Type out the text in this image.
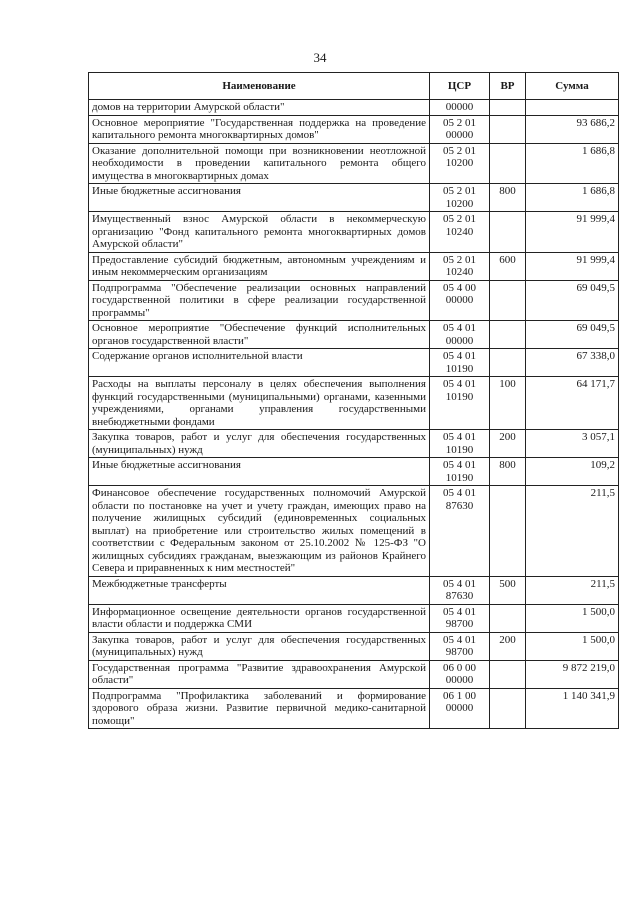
34
Наименование	ЦСР	ВР	Сумма
домов на территории Амурской области"	00000		
Основное мероприятие "Государственная поддержка на проведение капитального ремонта многоквартирных домов"	05 2 01 00000		93 686,2
Оказание дополнительной помощи при возникновении неотложной необходимости в проведении капитального ремонта общего имущества в многоквартирных домах	05 2 01 10200		1 686,8
Иные бюджетные ассигнования	05 2 01 10200	800	1 686,8
Имущественный взнос Амурской области в некоммерческую организацию "Фонд капитального ремонта многоквартирных домов Амурской области"	05 2 01 10240		91 999,4
Предоставление субсидий бюджетным, автономным учреждениям и иным некоммерческим организациям	05 2 01 10240	600	91 999,4
Подпрограмма "Обеспечение реализации основных направлений государственной политики в сфере реализации государственной программы"	05 4 00 00000		69 049,5
Основное мероприятие "Обеспечение функций исполнительных органов государственной власти"	05 4 01 00000		69 049,5
Содержание органов исполнительной власти	05 4 01 10190		67 338,0
Расходы на выплаты персоналу в целях обеспечения выполнения функций государственными (муниципальными) органами, казенными учреждениями, органами управления государственными внебюджетными фондами	05 4 01 10190	100	64 171,7
Закупка товаров, работ и услуг для обеспечения государственных (муниципальных) нужд	05 4 01 10190	200	3 057,1
Иные бюджетные ассигнования	05 4 01 10190	800	109,2
Финансовое обеспечение государственных полномочий Амурской области по постановке на учет и учету граждан, имеющих право на получение жилищных субсидий (единовременных социальных выплат) на приобретение или строительство жилых помещений в соответствии с Федеральным законом от 25.10.2002 № 125-ФЗ "О жилищных субсидиях гражданам, выезжающим из районов Крайнего Севера и приравненных к ним местностей"	05 4 01 87630		211,5
Межбюджетные трансферты	05 4 01 87630	500	211,5
Информационное освещение деятельности органов государственной власти области и поддержка СМИ	05 4 01 98700		1 500,0
Закупка товаров, работ и услуг для обеспечения государственных (муниципальных) нужд	05 4 01 98700	200	1 500,0
Государственная программа "Развитие здравоохранения Амурской области"	06 0 00 00000		9 872 219,0
Подпрограмма "Профилактика заболеваний и формирование здорового образа жизни. Развитие первичной медико-санитарной помощи"	06 1 00 00000		1 140 341,9
